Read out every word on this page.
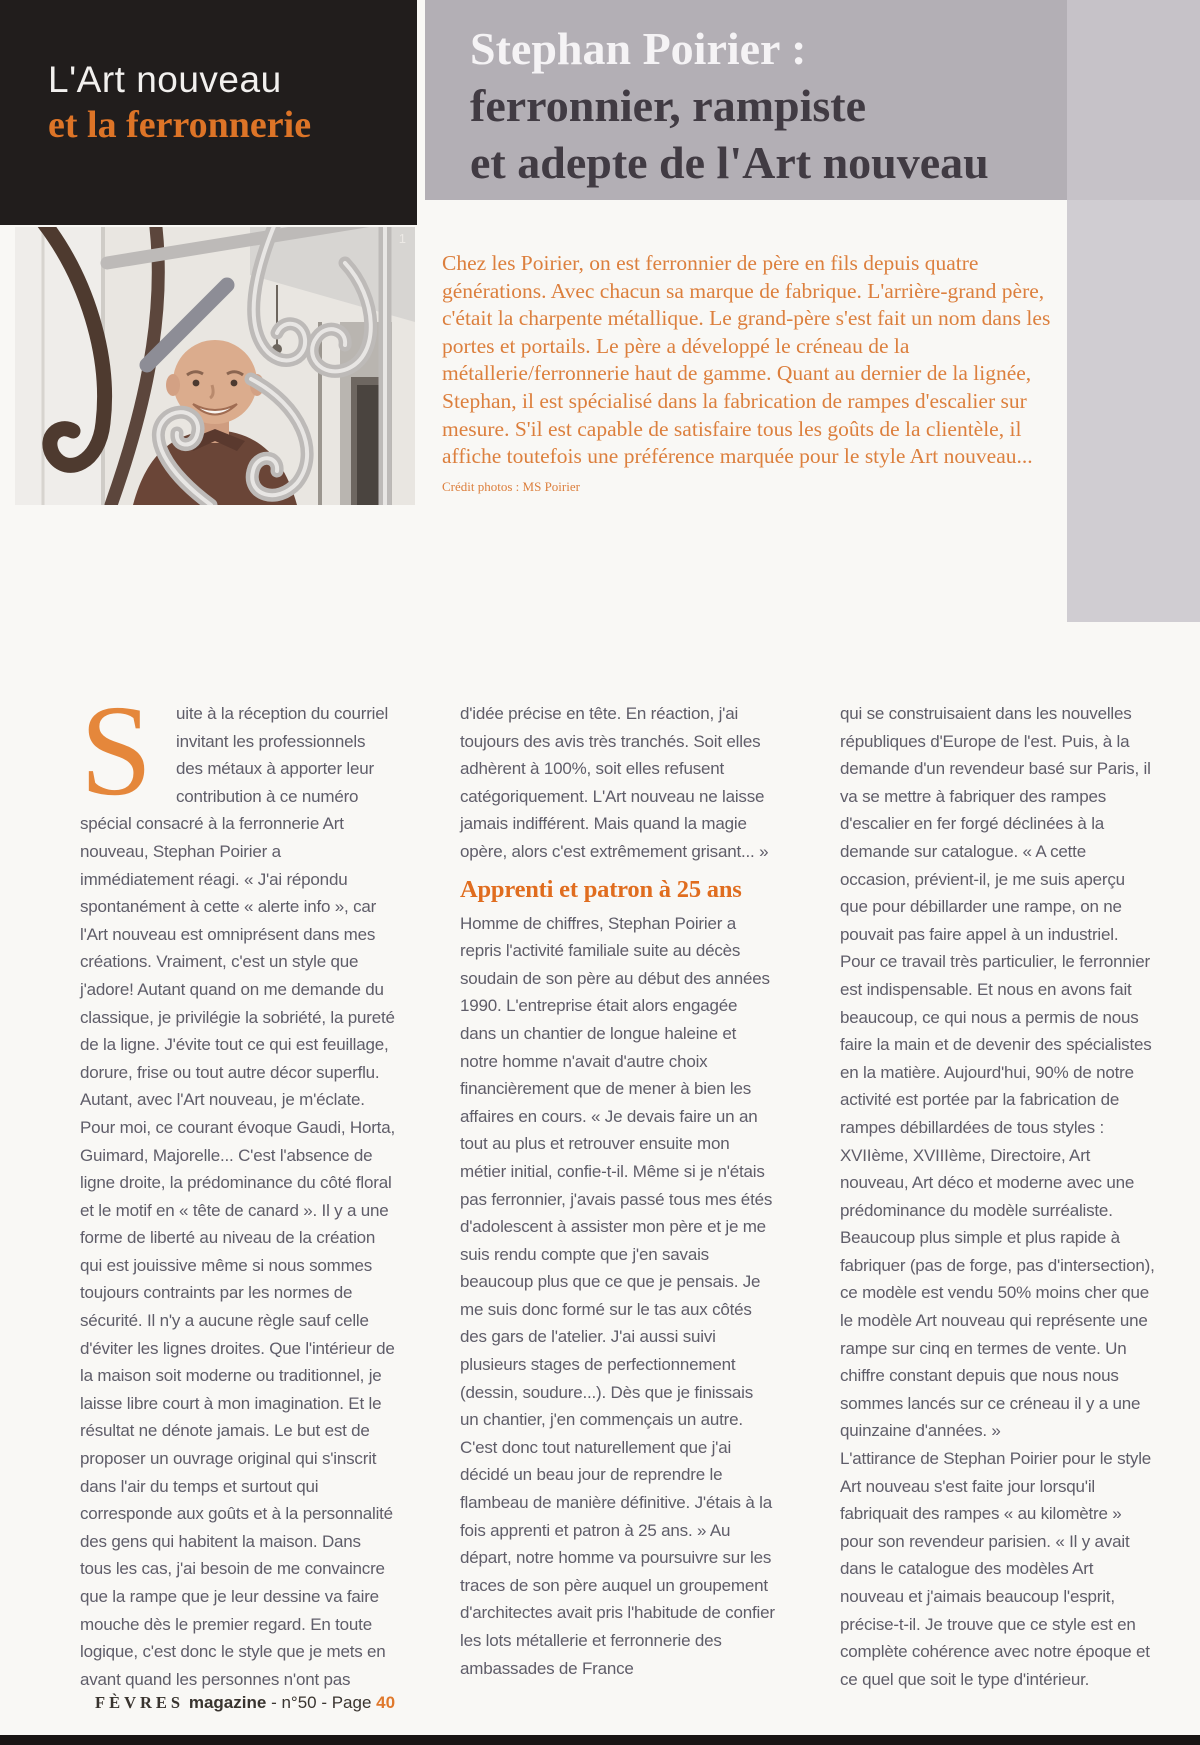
L'Art nouveau
et la ferronnerie
Stephan Poirier :
ferronnier, rampiste
et adepte de l'Art nouveau
1

Chez les Poirier, on est ferronnier de père en fils depuis quatre générations. Avec chacun sa marque de fabrique. L'arrière-grand père, c'était la charpente métallique. Le grand-père s'est fait un nom dans les portes et portails. Le père a développé le créneau de la métallerie/ferronnerie haut de gamme. Quant au dernier de la lignée, Stephan, il est spécialisé dans la fabrication de rampes d'escalier sur mesure. S'il est capable de satisfaire tous les goûts de la clientèle, il affiche toutefois une préférence marquée pour le style Art nouveau... Crédit photos : MS Poirier

S	uite à la réception du courriel invitant les professionnels des métaux à apporter leur contribution à ce numéro spécial consacré à la ferronnerie Art nouveau, Stephan Poirier a immédiatement réagi. « J'ai répondu spontanément à cette « alerte info », car l'Art nouveau est omniprésent dans mes créations. Vraiment, c'est un style que j'adore! Autant quand on me demande du classique, je privilégie la sobriété, la pureté de la ligne. J'évite tout ce qui est feuillage, dorure, frise ou tout autre décor superflu. Autant, avec l'Art nouveau, je m'éclate. Pour moi, ce courant évoque Gaudi, Horta, Guimard, Majorelle... C'est l'absence de ligne droite, la prédominance du côté floral et le motif en « tête de canard ». Il y a une forme de liberté au niveau de la création qui est jouissive même si nous sommes toujours contraints par les normes de sécurité. Il n'y a aucune règle sauf celle d'éviter les lignes droites. Que l'intérieur de la maison soit moderne ou traditionnel, je laisse libre court à mon imagination. Et le résultat ne dénote jamais. Le but est de proposer un ouvrage original qui s'inscrit dans l'air du temps et surtout qui corresponde aux goûts et à la personnalité des gens qui habitent la maison. Dans tous les cas, j'ai besoin de me convaincre que la rampe que je leur dessine va faire mouche dès le premier regard. En toute logique, c'est donc le style que je mets en avant quand les personnes n'ont pas

d'idée précise en tête. En réaction, j'ai toujours des avis très tranchés. Soit elles adhèrent à 100%, soit elles refusent catégoriquement. L'Art nouveau ne laisse jamais indifférent. Mais quand la magie opère, alors c'est extrêmement grisant... »

Apprenti et patron à 25 ans

Homme de chiffres, Stephan Poirier a repris l'activité familiale suite au décès soudain de son père au début des années 1990. L'entreprise était alors engagée dans un chantier de longue haleine et notre homme n'avait d'autre choix financièrement que de mener à bien les affaires en cours. « Je devais faire un an tout au plus et retrouver ensuite mon métier initial, confie-t-il. Même si je n'étais pas ferronnier, j'avais passé tous mes étés d'adolescent à assister mon père et je me suis rendu compte que j'en savais beaucoup plus que ce que je pensais. Je me suis donc formé sur le tas aux côtés des gars de l'atelier. J'ai aussi suivi plusieurs stages de perfectionnement (dessin, soudure...). Dès que je finissais un chantier, j'en commençais un autre. C'est donc tout naturellement que j'ai décidé un beau jour de reprendre le flambeau de manière définitive. J'étais à la fois apprenti et patron à 25 ans. » Au départ, notre homme va poursuivre sur les traces de son père auquel un groupement d'architectes avait pris l'habitude de confier les lots métallerie et ferronnerie des ambassades de France

qui se construisaient dans les nouvelles républiques d'Europe de l'est. Puis, à la demande d'un revendeur basé sur Paris, il va se mettre à fabriquer des rampes d'escalier en fer forgé déclinées à la demande sur catalogue. « A cette occasion, prévient-il, je me suis aperçu que pour débillarder une rampe, on ne pouvait pas faire appel à un industriel. Pour ce travail très particulier, le ferronnier est indispensable. Et nous en avons fait beaucoup, ce qui nous a permis de nous faire la main et de devenir des spécialistes en la matière. Aujourd'hui, 90% de notre activité est portée par la fabrication de rampes débillardées de tous styles : XVIIème, XVIIIème, Directoire, Art nouveau, Art déco et moderne avec une prédominance du modèle surréaliste. Beaucoup plus simple et plus rapide à fabriquer (pas de forge, pas d'intersection), ce modèle est vendu 50% moins cher que le modèle Art nouveau qui représente une rampe sur cinq en termes de vente. Un chiffre constant depuis que nous nous sommes lancés sur ce créneau il y a une quinzaine d'années. »

L'attirance de Stephan Poirier pour le style Art nouveau s'est faite jour lorsqu'il fabriquait des rampes « au kilomètre » pour son revendeur parisien. « Il y avait dans le catalogue des modèles Art nouveau et j'aimais beaucoup l'esprit, précise-t-il. Je trouve que ce style est en complète cohérence avec notre époque et ce quel que soit le type d'intérieur.

FÈVRES magazine - n°50 - Page 40
